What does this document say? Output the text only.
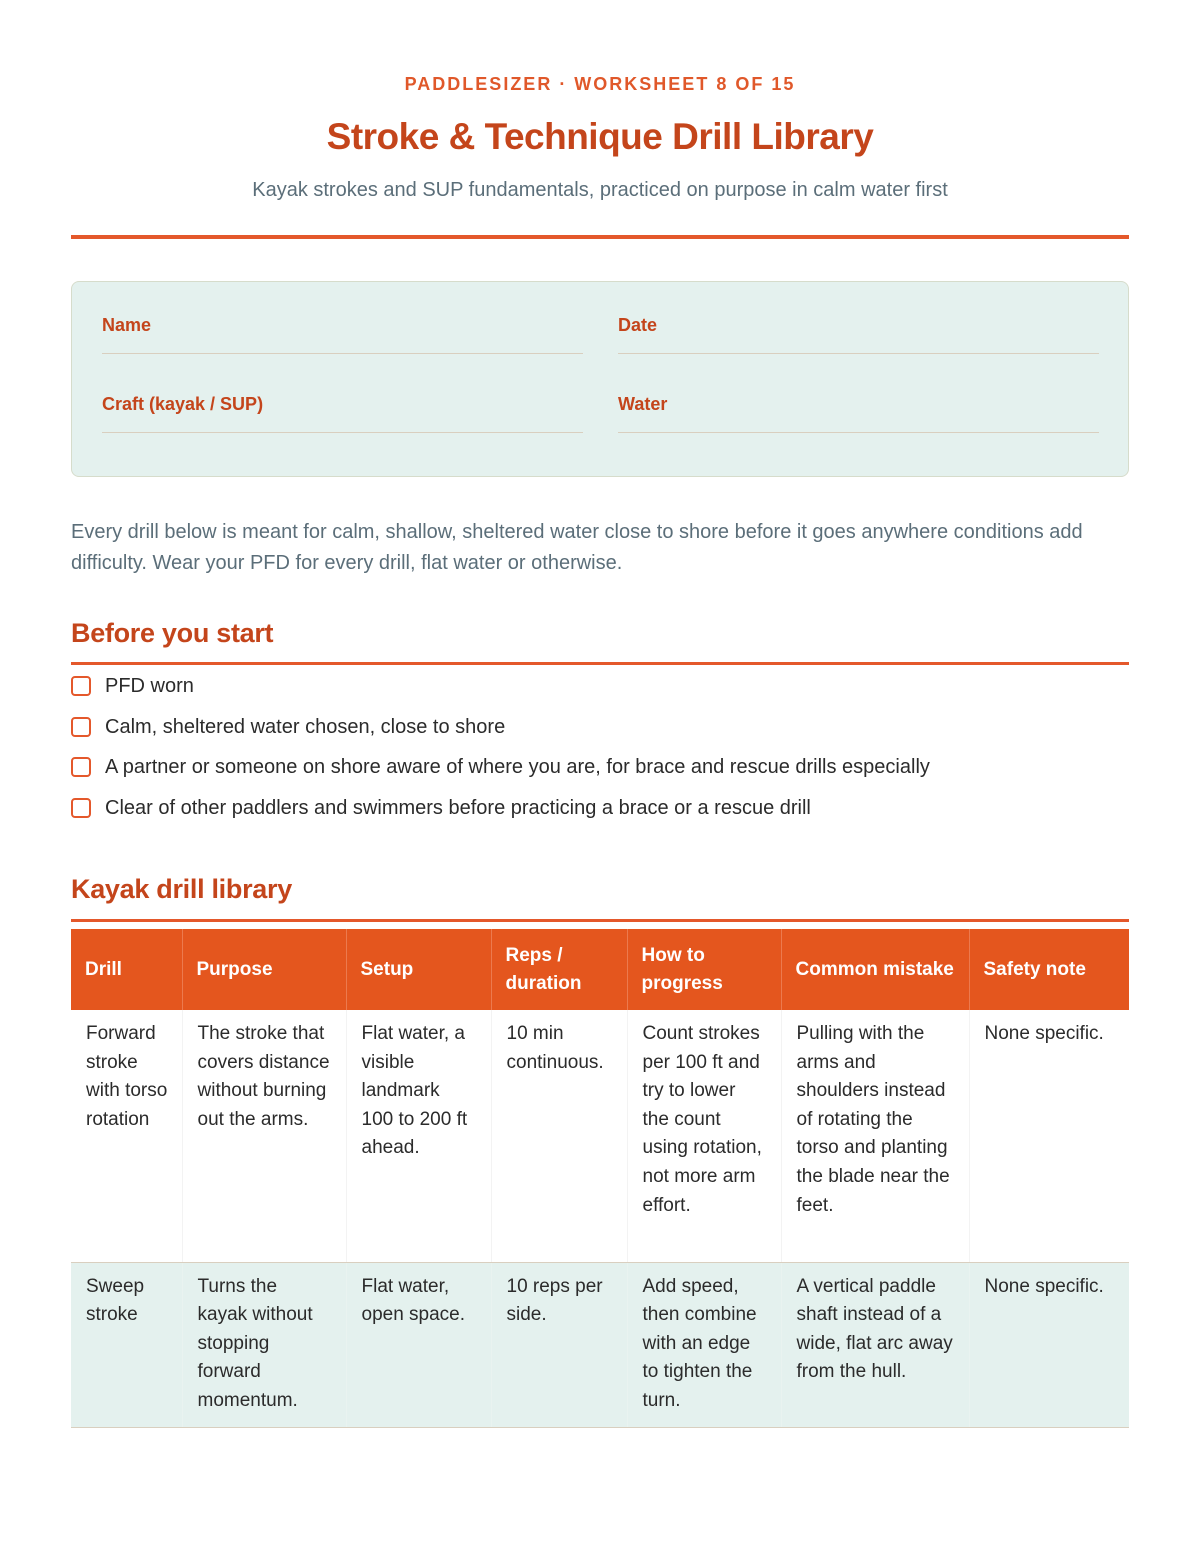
PADDLESIZER · WORKSHEET 8 OF 15
Stroke & Technique Drill Library
Kayak strokes and SUP fundamentals, practiced on purpose in calm water first
Name	Date
Craft (kayak / SUP)	Water

Every drill below is meant for calm, shallow, sheltered water close to shore before it goes anywhere conditions add difficulty. Wear your PFD for every drill, flat water or otherwise.

Before you start
PFD worn
Calm, sheltered water chosen, close to shore
A partner or someone on shore aware of where you are, for brace and rescue drills especially
Clear of other paddlers and swimmers before practicing a brace or a rescue drill
Kayak drill library
Drill	Purpose	Setup	Reps / duration	How to progress	Common mistake	Safety note
Forward stroke with torso rotation	The stroke that covers distance without burning out the arms.	Flat water, a visible landmark 100 to 200 ft ahead.	10 min continuous.	Count strokes per 100 ft and try to lower the count using rotation, not more arm effort.	Pulling with the arms and shoulders instead of rotating the torso and planting the blade near the feet.	None specific.
Sweep stroke	Turns the kayak without stopping forward momentum.	Flat water, open space.	10 reps per side.	Add speed, then combine with an edge to tighten the turn.	A vertical paddle shaft instead of a wide, flat arc away from the hull.	None specific.
